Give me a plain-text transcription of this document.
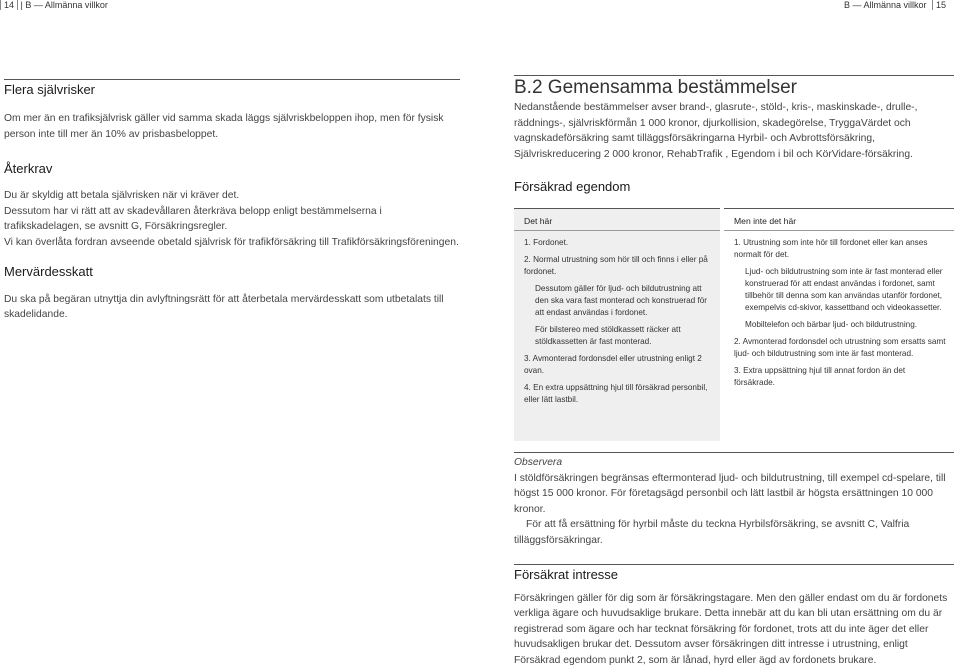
14 | B — Allmänna villkor	B — Allmänna villkor 15
Flera självrisker

Om mer än en trafiksjälvrisk gäller vid samma skada läggs självriskbeloppen ihop, men för fysisk person inte till mer än 10% av prisbasbeloppet.

Återkrav

Du är skyldig att betala självrisken när vi kräver det.

Dessutom har vi rätt att av skadevållaren återkräva belopp enligt bestämmelserna i trafikskadelagen, se avsnitt G, Försäkringsregler.

Vi kan överlåta fordran avseende obetald självrisk för trafikförsäkring till Trafikförsäkringsföreningen.

Mervärdesskatt

Du ska på begäran utnyttja din avlyftningsrätt för att återbetala mervärdesskatt som utbetalats till skadelidande.

B.2 Gemensamma bestämmelser

Nedanstående bestämmelser avser brand-, glasrute-, stöld-, kris-, maskinskade-, drulle-, räddnings-, självriskförmån 1 000 kronor, djurkollision, skadegörelse, TryggaVärdet och vagnskadeförsäkring samt tilläggsförsäkringarna Hyrbil- och Avbrottsförsäkring, Självriskreducering 2 000 kronor, RehabTrafik , Egendom i bil och KörVidare-försäkring.

Försäkrad egendom
Det här
1. Fordonet.
2. Normal utrustning som hör till och finns i eller på fordonet.
Dessutom gäller för ljud- och bildutrustning att den ska vara fast monterad och konstruerad för att endast användas i fordonet.
För bilstereo med stöldkassett räcker att stöldkassetten är fast monterad.
3. Avmonterad fordonsdel eller utrustning enligt 2 ovan.
4. En extra uppsättning hjul till försäkrad personbil, eller lätt lastbil.
Men inte det här
1. Utrustning som inte hör till fordonet eller kan anses normalt för det.
Ljud- och bildutrustning som inte är fast monterad eller konstruerad för att endast användas i fordonet, samt tillbehör till denna som kan användas utanför fordonet, exempelvis cd-skivor, kassettband och videokassetter.
Mobiltelefon och bärbar ljud- och bildutrustning.
2. Avmonterad fordonsdel och utrustning som ersatts samt ljud- och bildutrustning som inte är fast monterad.
3. Extra uppsättning hjul till annat fordon än det försäkrade.

Observera

I stöldförsäkringen begränsas eftermonterad ljud- och bildutrustning, till exempel cd-spelare, till högst 15 000 kronor. För företagsägd personbil och lätt lastbil är högsta ersättningen 10 000 kronor.

För att få ersättning för hyrbil måste du teckna Hyrbilsförsäkring, se avsnitt C, Valfria tilläggsförsäkringar.

Försäkrat intresse

Försäkringen gäller för dig som är försäkringstagare. Men den gäller endast om du är fordonets verkliga ägare och huvudsaklige brukare. Detta innebär att du kan bli utan ersättning om du är registrerad som ägare och har tecknat försäkring för fordonet, trots att du inte äger det eller huvudsakligen brukar det. Dessutom avser försäkringen ditt intresse i utrustning, enligt Försäkrad egendom punkt 2, som är lånad, hyrd eller ägd av fordonets brukare.
